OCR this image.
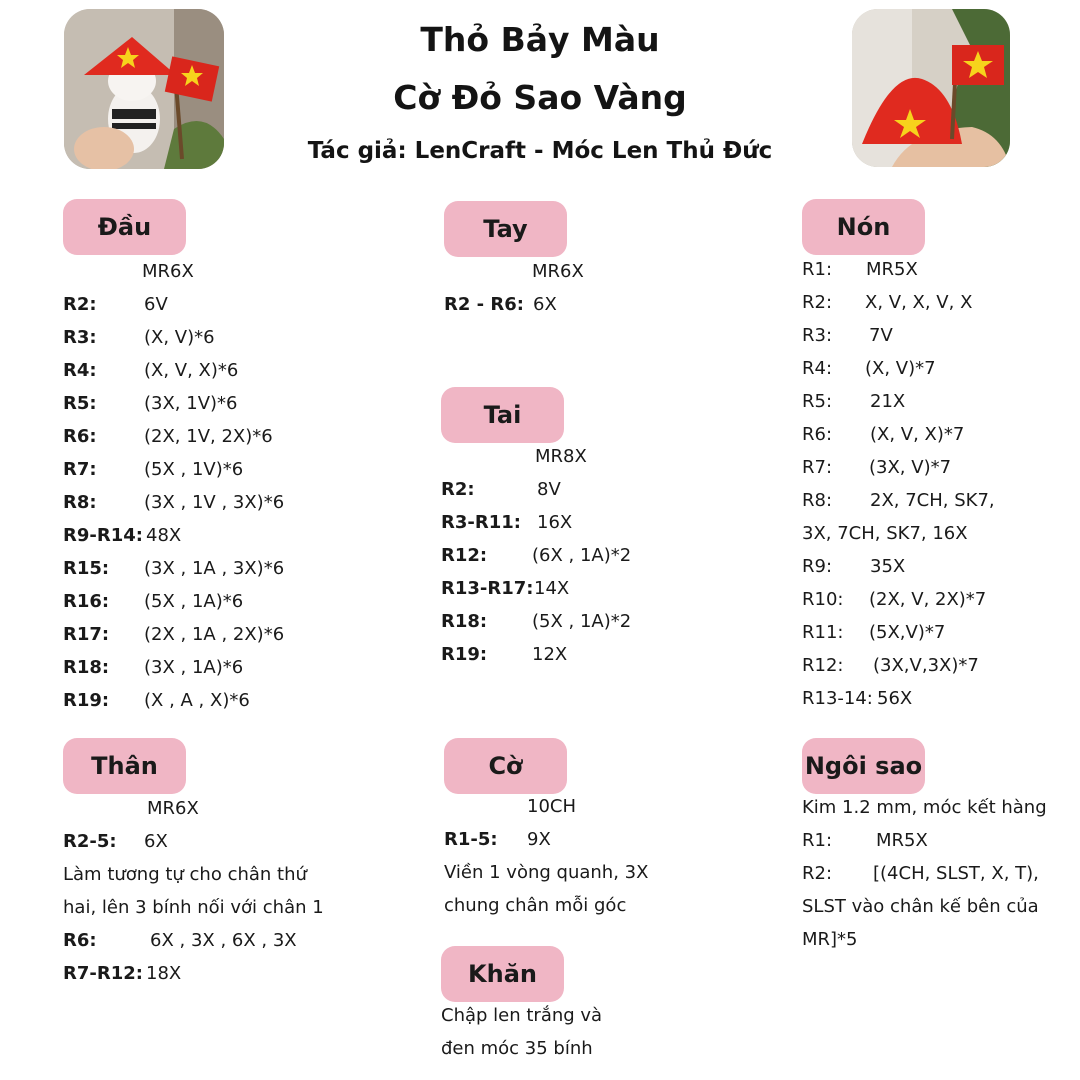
Thỏ Bảy Màu
Cờ Đỏ Sao Vàng
Tác giả: LenCraft - Móc Len Thủ Đức
Đầu
MR6X
R2:	6V
R3:	(X, V)*6
R4:	(X, V, X)*6
R5:	(3X, 1V)*6
R6:	(2X, 1V, 2X)*6
R7:	(5X , 1V)*6
R8:	(3X , 1V , 3X)*6
R9-R14: 48X
R15: (3X , 1A , 3X)*6
R16: (5X , 1A)*6
R17: (2X , 1A , 2X)*6
R18: (3X , 1A)*6
R19: (X , A , X)*6
Thân
MR6X
R2-5: 6X
Làm tương tự cho chân thứ
hai, lên 3 bính nối với chân 1
R6:	6X , 3X , 6X , 3X
R7-R12: 18X
Tay
MR6X
R2 - R6: 6X
Tai
MR8X
R2:	8V
R3-R11: 16X
R12: (6X , 1A)*2
R13-R17: 14X
R18: (5X , 1A)*2
R19: 12X
Cờ
10CH
R1-5: 9X
Viền 1 vòng quanh, 3X
chung chân mỗi góc
Khăn
Chập len trắng và
đen móc 35 bính
Nón
R1: MR5X
R2: X, V, X, V, X
R3: 7V
R4: (X, V)*7
R5: 21X
R6: (X, V, X)*7
R7: (3X, V)*7
R8: 2X, 7CH, SK7,
3X, 7CH, SK7, 16X
R9: 35X
R10: (2X, V, 2X)*7
R11: (5X,V)*7
R12: (3X,V,3X)*7
R13-14: 56X
Ngôi sao
Kim 1.2 mm, móc kết hàng
R1: MR5X
R2: [(4CH, SLST, X, T),
SLST vào chân kế bên của
MR]*5
